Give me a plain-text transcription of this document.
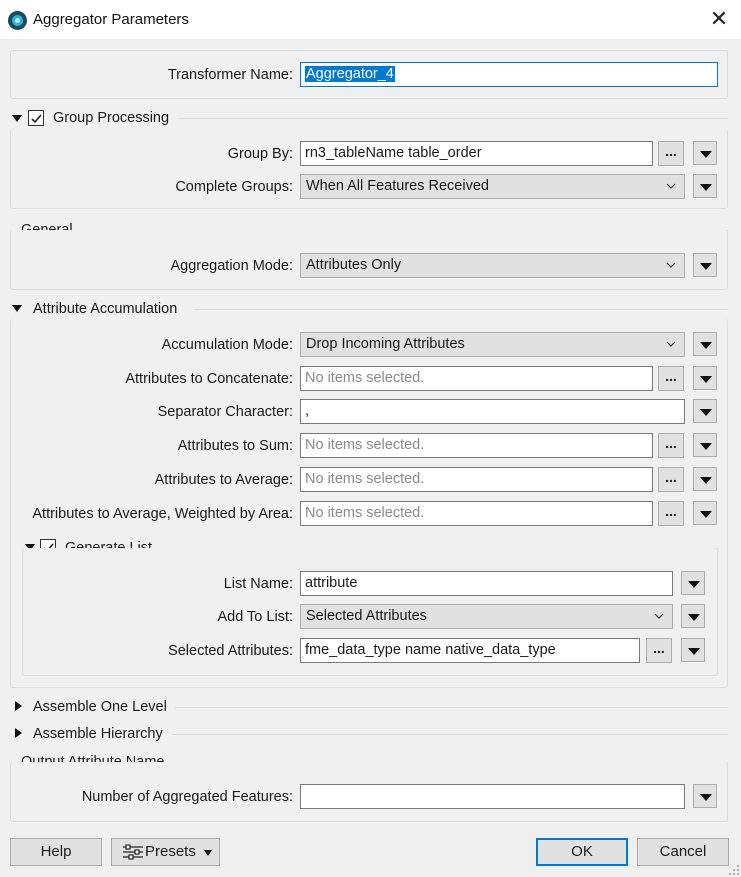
Aggregator Parameters	✕
Transformer Name: Aggregator_4
Group Processing
Group By: rn3_tableName table_order	...
Complete Groups: When All Features Received
Aggregation Mode: Attributes Only
Attribute Accumulation
Accumulation Mode: Drop Incoming Attributes
Attributes to Concatenate: No items selected.	...
Separator Character: ,
Attributes to Sum: No items selected.	...
Attributes to Average: No items selected.	...
Attributes to Average, Weighted by Area: No items selected.	...
List Name: attribute
Add To List: Selected Attributes
Selected Attributes: fme_data_type name native_data_type	...
Assemble One Level
Assemble Hierarchy
Number of Aggregated Features:
Help	Presets	OK	Cancel
